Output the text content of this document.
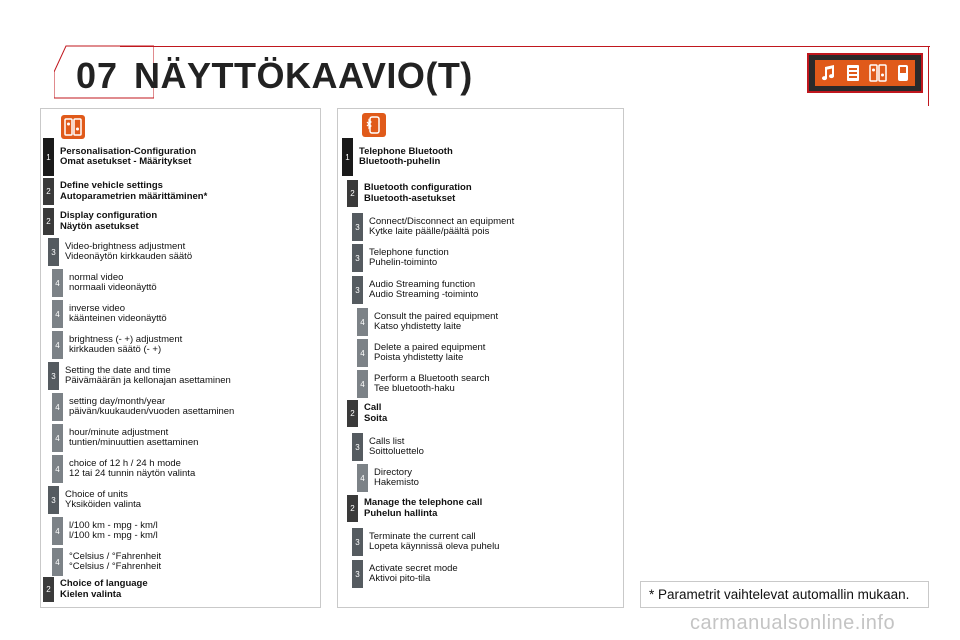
07 NÄYTTÖKAAVIO(T)
1
Personalisation-Configuration
Omat asetukset - Määritykset
2
Define vehicle settings
Autoparametrien määrittäminen*
2
Display configuration
Näytön asetukset
3
Video-brightness adjustment
Videonäytön kirkkauden säätö
4
normal video
normaali videonäyttö
4
inverse video
käänteinen videonäyttö
4
brightness (- +) adjustment
kirkkauden säätö (- +)
3
Setting the date and time
Päivämäärän ja kellonajan asettaminen
4
setting day/month/year
päivän/kuukauden/vuoden asettaminen
4
hour/minute adjustment
tuntien/minuuttien asettaminen
4
choice of 12 h / 24 h mode
12 tai 24 tunnin näytön valinta
3
Choice of units
Yksiköiden valinta
4
l/100 km - mpg - km/l
l/100 km - mpg - km/l
4
°Celsius / °Fahrenheit
°Celsius / °Fahrenheit
2
Choice of language
Kielen valinta
1
Telephone Bluetooth
Bluetooth-puhelin
2
Bluetooth configuration
Bluetooth-asetukset
3
Connect/Disconnect an equipment
Kytke laite päälle/päältä pois
3
Telephone function
Puhelin-toiminto
3
Audio Streaming function
Audio Streaming -toiminto
4
Consult the paired equipment
Katso yhdistetty laite
4
Delete a paired equipment
Poista yhdistetty laite
4
Perform a Bluetooth search
Tee bluetooth-haku
2
Call
Soita
3
Calls list
Soittoluettelo
4
Directory
Hakemisto
2
Manage the telephone call
Puhelun hallinta
3
Terminate the current call
Lopeta käynnissä oleva puhelu
3
Activate secret mode
Aktivoi pito-tila
* Parametrit vaihtelevat automallin mukaan.
carmanualsonline.info
